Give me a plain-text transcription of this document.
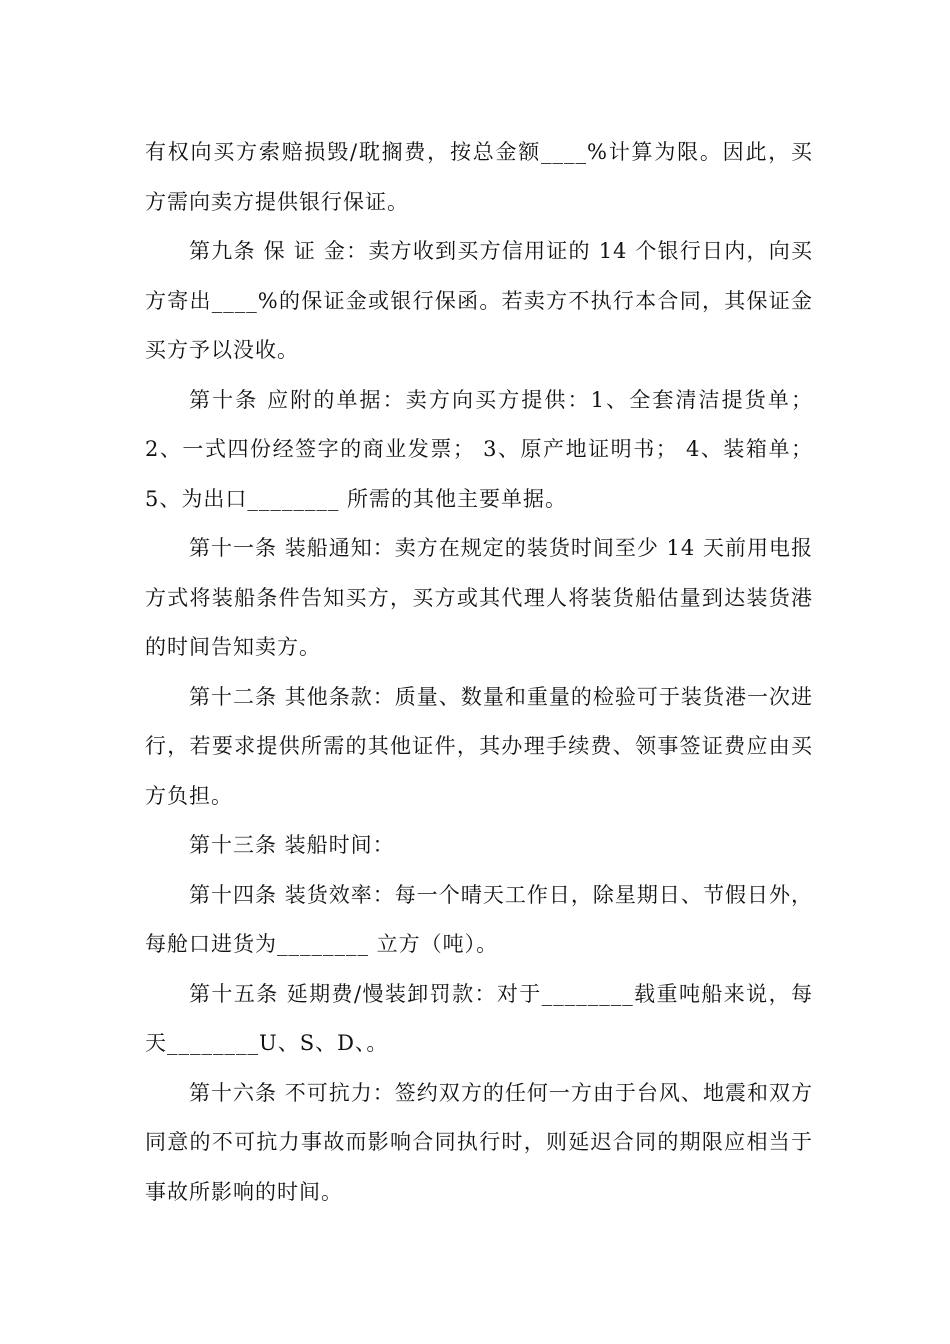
有权向买方索赔损毁/耽搁费，按总金额____%计算为限。因此，买方需向卖方提供银行保证。

第九条 保 证 金：卖方收到买方信用证的 14 个银行日内，向买方寄出____%的保证金或银行保函。若卖方不执行本合同，其保证金买方予以没收。

第十条 应附的单据：卖方向买方提供：1、全套清洁提货单；2、一式四份经签字的商业发票； 3、原产地证明书； 4、装箱单；5、为出口________ 所需的其他主要单据。

第十一条 装船通知：卖方在规定的装货时间至少 14 天前用电报方式将装船条件告知买方，买方或其代理人将装货船估量到达装货港的时间告知卖方。

第十二条 其他条款：质量、数量和重量的检验可于装货港一次进行，若要求提供所需的其他证件，其办理手续费、领事签证费应由买方负担。

第十三条 装船时间：

第十四条 装货效率：每一个晴天工作日，除星期日、节假日外，每舱口进货为________ 立方（吨）。

第十五条 延期费/慢装卸罚款：对于________载重吨船来说，每天________U、S、D、。

第十六条 不可抗力：签约双方的任何一方由于台风、地震和双方同意的不可抗力事故而影响合同执行时，则延迟合同的期限应相当于事故所影响的时间。
